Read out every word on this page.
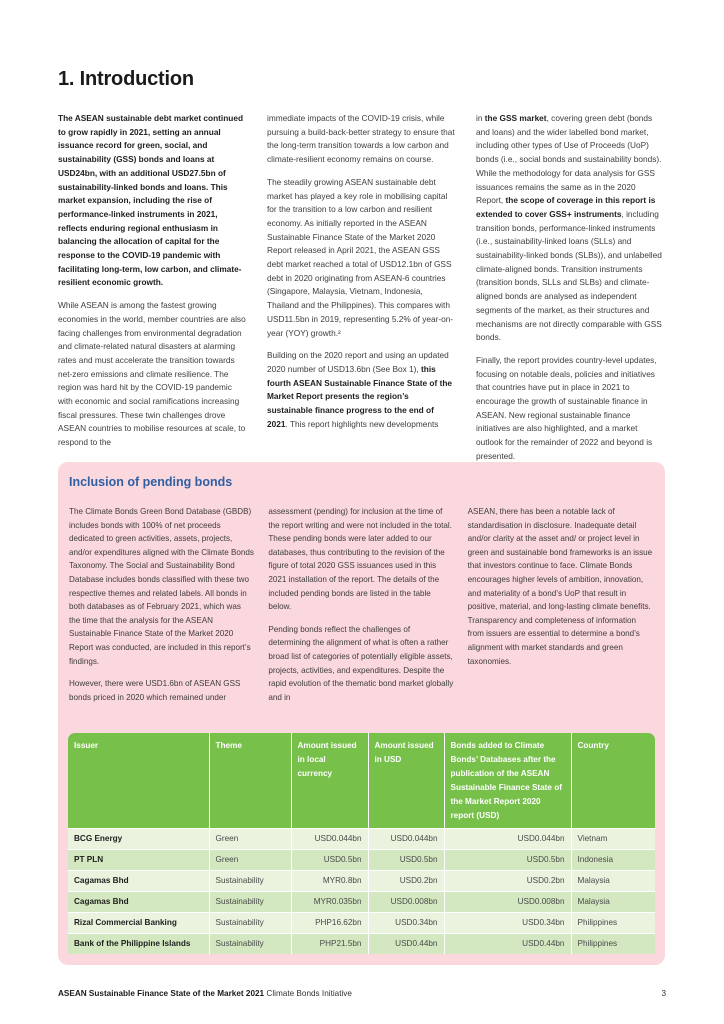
1. Introduction

The ASEAN sustainable debt market continued to grow rapidly in 2021, setting an annual issuance record for green, social, and sustainability (GSS) bonds and loans at USD24bn, with an additional USD27.5bn of sustainability-linked bonds and loans. This market expansion, including the rise of performance-linked instruments in 2021, reflects enduring regional enthusiasm in balancing the allocation of capital for the response to the COVID-19 pandemic with facilitating long-term, low carbon, and climate-resilient economic growth.

While ASEAN is among the fastest growing economies in the world, member countries are also facing challenges from environmental degradation and climate-related natural disasters at alarming rates and must accelerate the transition towards net-zero emissions and climate resilience. The region was hard hit by the COVID-19 pandemic with economic and social ramifications increasing fiscal pressures. These twin challenges drove ASEAN countries to mobilise resources at scale, to respond to the

immediate impacts of the COVID-19 crisis, while pursuing a build-back-better strategy to ensure that the long-term transition towards a low carbon and climate-resilient economy remains on course.

The steadily growing ASEAN sustainable debt market has played a key role in mobilising capital for the transition to a low carbon and resilient economy. As initially reported in the ASEAN Sustainable Finance State of the Market 2020 Report released in April 2021, the ASEAN GSS debt market reached a total of USD12.1bn of GSS debt in 2020 originating from ASEAN-6 countries (Singapore, Malaysia, Vietnam, Indonesia, Thailand and the Philippines). This compares with USD11.5bn in 2019, representing 5.2% of year-on-year (YOY) growth.²

Building on the 2020 report and using an updated 2020 number of USD13.6bn (See Box 1), this fourth ASEAN Sustainable Finance State of the Market Report presents the region’s sustainable finance progress to the end of 2021. This report highlights new developments

in the GSS market, covering green debt (bonds and loans) and the wider labelled bond market, including other types of Use of Proceeds (UoP) bonds (i.e., social bonds and sustainability bonds). While the methodology for data analysis for GSS issuances remains the same as in the 2020 Report, the scope of coverage in this report is extended to cover GSS+ instruments, including transition bonds, performance-linked instruments (i.e., sustainability-linked loans (SLLs) and sustainability-linked bonds (SLBs)), and unlabelled climate-aligned bonds. Transition instruments (transition bonds, SLLs and SLBs) and climate-aligned bonds are analysed as independent segments of the market, as their structures and mechanisms are not directly comparable with GSS bonds.

Finally, the report provides country-level updates, focusing on notable deals, policies and initiatives that countries have put in place in 2021 to encourage the growth of sustainable finance in ASEAN. New regional sustainable finance initiatives are also highlighted, and a market outlook for the remainder of 2022 and beyond is presented.

Inclusion of pending bonds

The Climate Bonds Green Bond Database (GBDB) includes bonds with 100% of net proceeds dedicated to green activities, assets, projects, and/or expenditures aligned with the Climate Bonds Taxonomy. The Social and Sustainability Bond Database includes bonds classified with these two respective themes and related labels. All bonds in both databases as of February 2021, which was the time that the analysis for the ASEAN Sustainable Finance State of the Market 2020 Report was conducted, are included in this report’s findings.

However, there were USD1.6bn of ASEAN GSS bonds priced in 2020 which remained under

assessment (pending) for inclusion at the time of the report writing and were not included in the total. These pending bonds were later added to our databases, thus contributing to the revision of the figure of total 2020 GSS issuances used in this 2021 installation of the report. The details of the included pending bonds are listed in the table below.

Pending bonds reflect the challenges of determining the alignment of what is often a rather broad list of categories of potentially eligible assets, projects, activities, and expenditures. Despite the rapid evolution of the thematic bond market globally and in

ASEAN, there has been a notable lack of standardisation in disclosure. Inadequate detail and/or clarity at the asset and/ or project level in green and sustainable bond frameworks is an issue that investors continue to face. Climate Bonds encourages higher levels of ambition, innovation, and materiality of a bond’s UoP that result in positive, material, and long-lasting climate benefits. Transparency and completeness of information from issuers are essential to determine a bond’s alignment with market standards and green taxonomies.

Issuer	Theme	Amount issued in local currency	Amount issued in USD	Bonds added to Climate Bonds’ Databases after the publication of the ASEAN Sustainable Finance State of the Market Report 2020 report (USD)	Country
BCG Energy	Green	USD0.044bn	USD0.044bn	USD0.044bn	Vietnam
PT PLN	Green	USD0.5bn	USD0.5bn	USD0.5bn	Indonesia
Cagamas Bhd	Sustainability	MYR0.8bn	USD0.2bn	USD0.2bn	Malaysia
Cagamas Bhd	Sustainability	MYR0.035bn	USD0.008bn	USD0.008bn	Malaysia
Rizal Commercial Banking	Sustainability	PHP16.62bn	USD0.34bn	USD0.34bn	Philippines
Bank of the Philippine Islands	Sustainability	PHP21.5bn	USD0.44bn	USD0.44bn	Philippines
ASEAN Sustainable Finance State of the Market 2021 Climate Bonds Initiative	3
